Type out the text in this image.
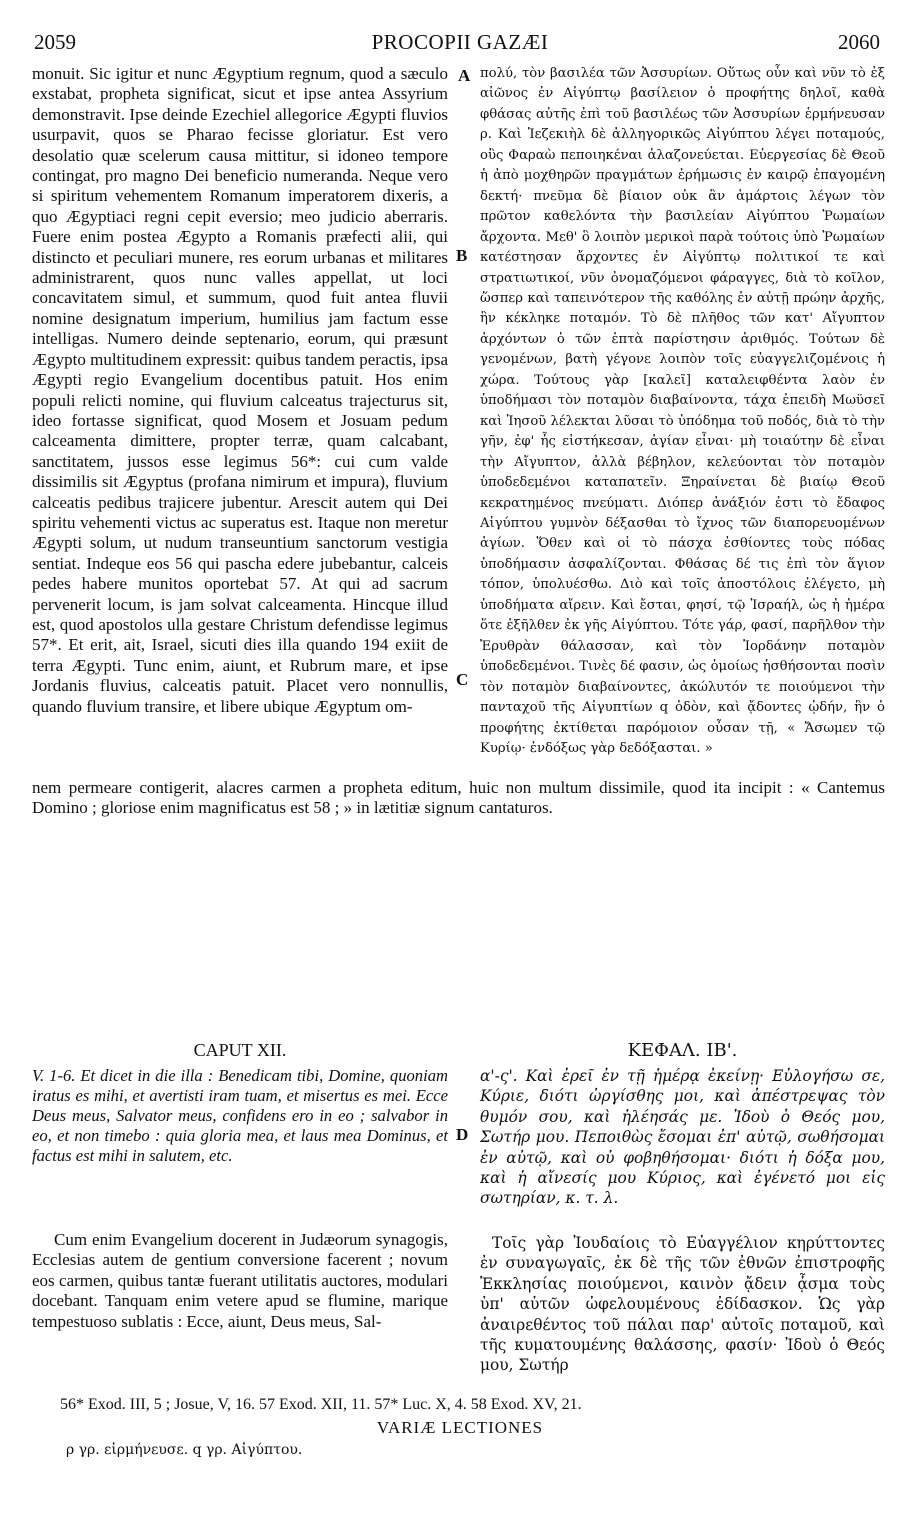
2059	PROCOPII GAZÆI	2060

monuit. Sic igitur et nunc Ægyptium regnum, quod a sæculo exstabat, propheta significat, sicut et ipse antea Assyrium demonstravit. Ipse deinde Ezechiel allegorice Ægypti fluvios usurpavit, quos se Pharao fecisse gloriatur. Est vero desolatio quæ scelerum causa mittitur, si idoneo tempore contingat, pro magno Dei beneficio numeranda. Neque vero si spiritum vehementem Romanum imperatorem dixeris, a quo Ægyptiaci regni cepit eversio; meo judicio aberraris. Fuere enim postea Ægypto a Romanis præfecti alii, qui distincto et peculiari munere, res eorum urbanas et militares administrarent, quos nunc valles appellat, ut loci concavitatem simul, et summum, quod fuit antea fluvii nomine designatum imperium, humilius jam factum esse intelligas. Numero deinde septenario, eorum, qui præsunt Ægypto multitudinem expressit: quibus tandem peractis, ipsa Ægypti regio Evangelium docentibus patuit. Hos enim populi relicti nomine, qui fluvium calceatus trajecturus sit, ideo fortasse significat, quod Mosem et Josuam pedum calceamenta dimittere, propter terræ, quam calcabant, sanctitatem, jussos esse legimus 56*: cui cum valde dissimilis sit Ægyptus (profana nimirum et impura), fluvium calceatis pedibus trajicere jubentur. Arescit autem qui Dei spiritu vehementi victus ac superatus est. Itaque non meretur Ægypti solum, ut nudum transeuntium sanctorum vestigia sentiat. Indeque eos 56 qui pascha edere jubebantur, calceis pedes habere munitos oportebat 57. At qui ad sacrum pervenerit locum, is jam solvat calceamenta. Hincque illud est, quod apostolos ulla gestare Christum defendisse legimus 57*. Et erit, ait, Israel, sicuti dies illa quando 194 exiit de terra Ægypti. Tunc enim, aiunt, et Rubrum mare, et ipse Jordanis fluvius, calceatis patuit. Placet vero nonnullis, quando fluvium transire, et libere ubique Ægyptum om-

πολύ, τὸν βασιλέα τῶν Ἀσσυρίων. Οὕτως οὖν καὶ νῦν τὸ ἐξ αἰῶνος ἐν Αἰγύπτῳ βασίλειον ὁ προφήτης δηλοῖ, καθὰ φθάσας αὐτῆς ἐπὶ τοῦ βασιλέως τῶν Ἀσσυρίων ἑρμήνευσαν ρ. Καὶ Ἰεζεκιὴλ δὲ ἀλληγορικῶς Αἰγύπτου λέγει ποταμούς, οὓς Φαραὼ πεποιηκέναι ἀλαζονεύεται. Εὐεργεσίας δὲ Θεοῦ ἡ ἀπὸ μοχθηρῶν πραγμάτων ἐρήμωσις ἐν καιρῷ ἐπαγομένη δεκτή· πνεῦμα δὲ βίαιον οὐκ ἂν ἁμάρτοις λέγων τὸν πρῶτον καθελόντα τὴν βασιλείαν Αἰγύπτου Ῥωμαίων ἄρχοντα. Μεθ' ὃ λοιπὸν μερικοὶ παρὰ τούτοις ὑπὸ Ῥωμαίων κατέστησαν ἄρχοντες ἐν Αἰγύπτῳ πολιτικοί τε καὶ στρατιωτικοί, νῦν ὀνομαζόμενοι φάραγγες, διὰ τὸ κοῖλον, ὥσπερ καὶ ταπεινότερον τῆς καθόλης ἐν αὐτῇ πρώην ἀρχῆς, ἣν κέκληκε ποταμόν. Τὸ δὲ πλῆθος τῶν κατ' Αἴγυπτον ἀρχόντων ὁ τῶν ἑπτὰ παρίστησιν ἀριθμός. Τούτων δὲ γενομένων, βατὴ γέγονε λοιπὸν τοῖς εὐαγγελιζομένοις ἡ χώρα. Τούτους γὰρ [καλεῖ] καταλειφθέντα λαὸν ἐν ὑποδήμασι τὸν ποταμὸν διαβαίνοντα, τάχα ἐπειδὴ Μωϋσεῖ καὶ Ἰησοῦ λέλεκται λῦσαι τὸ ὑπόδημα τοῦ ποδός, διὰ τὸ τὴν γῆν, ἐφ' ἧς εἱστήκεσαν, ἁγίαν εἶναι· μὴ τοιαύτην δὲ εἶναι τὴν Αἴγυπτον, ἀλλὰ βέβηλον, κελεύονται τὸν ποταμὸν ὑποδεδεμένοι καταπατεῖν. Ξηραίνεται δὲ βιαίῳ Θεοῦ κεκρατημένος πνεύματι. Διόπερ ἀνάξιόν ἐστι τὸ ἔδαφος Αἰγύπτου γυμνὸν δέξασθαι τὸ ἴχνος τῶν διαπορευομένων ἁγίων. Ὅθεν καὶ οἱ τὸ πάσχα ἐσθίοντες τοὺς πόδας ὑποδήμασιν ἀσφαλίζονται. Φθάσας δέ τις ἐπὶ τὸν ἅγιον τόπον, ὑπολυέσθω. Διὸ καὶ τοῖς ἀποστόλοις ἐλέγετο, μὴ ὑποδήματα αἴρειν. Καὶ ἔσται, φησί, τῷ Ἰσραήλ, ὡς ἡ ἡμέρα ὅτε ἐξῆλθεν ἐκ γῆς Αἰγύπτου. Τότε γάρ, φασί, παρῆλθον τὴν Ἐρυθρὰν θάλασσαν, καὶ τὸν Ἰορδάνην ποταμὸν ὑποδεδεμένοι. Τινὲς δέ φασιν, ὡς ὁμοίως ἡσθήσονται ποσὶν τὸν ποταμὸν διαβαίνοντες, ἀκώλυτόν τε ποιούμενοι τὴν πανταχοῦ τῆς Αἰγυπτίων q ὁδὸν, καὶ ᾄδοντες ᾠδήν, ἣν ὁ προφήτης ἐκτίθεται παρόμοιον οὖσαν τῇ, « Ἄσωμεν τῷ Κυρίῳ· ἐνδόξως γὰρ δεδόξασται. »

A
B
C
D

nem permeare contigerit, alacres carmen a propheta editum, huic non multum dissimile, quod ita incipit : « Cantemus Domino ; gloriose enim magnificatus est 58 ; » in lætitiæ signum cantaturos.

CAPUT XII.	ΚΕΦΑΛ. ΙΒ'.

V. 1-6. Et dicet in die illa : Benedicam tibi, Domine, quoniam iratus es mihi, et avertisti iram tuam, et misertus es mei. Ecce Deus meus, Salvator meus, confidens ero in eo ; salvabor in eo, et non timebo : quia gloria mea, et laus mea Dominus, et factus est mihi in salutem, etc.

α'-ς'. Καὶ ἐρεῖ ἐν τῇ ἡμέρᾳ ἐκείνῃ· Εὐλογήσω σε, Κύριε, διότι ὠργίσθης μοι, καὶ ἀπέστρεψας τὸν θυμόν σου, καὶ ἠλέησάς με. Ἰδοὺ ὁ Θεός μου, Σωτήρ μου. Πεποιθὼς ἔσομαι ἐπ' αὐτῷ, σωθήσομαι ἐν αὐτῷ, καὶ οὐ φοβηθήσομαι· διότι ἡ δόξα μου, καὶ ἡ αἴνεσίς μου Κύριος, καὶ ἐγένετό μοι εἰς σωτηρίαν, κ. τ. λ.

Cum enim Evangelium docerent in Judæorum synagogis, Ecclesias autem de gentium conversione facerent ; novum eos carmen, quibus tantæ fuerant utilitatis auctores, modulari docebant. Tanquam enim vetere apud se flumine, marique tempestuoso sublatis : Ecce, aiunt, Deus meus, Sal-

Τοῖς γὰρ Ἰουδαίοις τὸ Εὐαγγέλιον κηρύττοντες ἐν συναγωγαῖς, ἐκ δὲ τῆς τῶν ἐθνῶν ἐπιστροφῆς Ἐκκλησίας ποιούμενοι, καινὸν ᾄδειν ᾆσμα τοὺς ὑπ' αὐτῶν ὠφελουμένους ἐδίδασκον. Ὡς γὰρ ἀναιρεθέντος τοῦ πάλαι παρ' αὐτοῖς ποταμοῦ, καὶ τῆς κυματουμένης θαλάσσης, φασίν· Ἰδοὺ ὁ Θεός μου, Σωτήρ

56* Exod. III, 5 ; Josue, V, 16. 57 Exod. XII, 11. 57* Luc. X, 4. 58 Exod. XV, 21.
VARIÆ LECTIONES
ρ γρ. εἰρμήνευσε. q γρ. Αἰγύπτου.
